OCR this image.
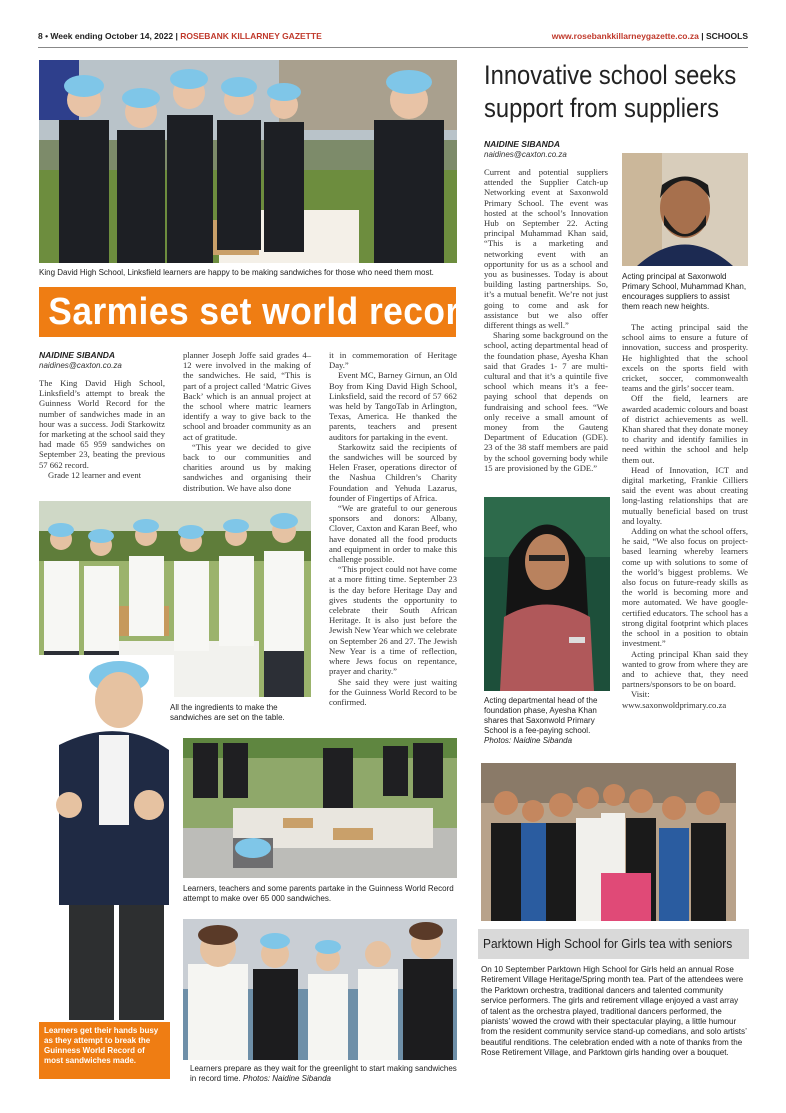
8 • Week ending October 14, 2022 | ROSEBANK KILLARNEY GAZETTE	www.rosebankkillarneygazette.co.za | SCHOOLS
King David High School, Linksfield learners are happy to be making sandwiches for those who need them most.
Sarmies set world record
NAIDINE SIBANDA
naidines@caxton.co.za

The King David High School, Linksfield’s attempt to break the Guinness World Record for the number of sandwiches made in an hour was a success. Jodi Starkowitz for marketing at the school said they had made 65 959 sandwiches on September 23, beating the previous 57 662 record.

Grade 12 learner and event

planner Joseph Joffe said grades 4–12 were involved in the making of the sandwiches. He said, “This is part of a project called ‘Matric Gives Back’ which is an annual project at the school where matric learners identify a way to give back to the school and broader community as an act of gratitude.

“This year we decided to give back to our communities and charities around us by making sandwiches and organising their distribution. We have also done

it in commemoration of Heritage Day.”

Event MC, Barney Girnun, an Old Boy from King David High School, Linksfield, said the record of 57 662 was held by TangoTab in Arlington, Texas, America. He thanked the parents, teachers and present auditors for partaking in the event.

Starkowitz said the recipients of the sandwiches will be sourced by Helen Fraser, operations director of the Nashua Children’s Charity Foundation and Yehuda Lazarus, founder of Fingertips of Africa.

“We are grateful to our generous sponsors and donors: Albany, Clover, Caxton and Karan Beef, who have donated all the food products and equipment in order to make this challenge possible.

“This project could not have come at a more fitting time. September 23 is the day before Heritage Day and gives students the opportunity to celebrate their South African Heritage. It is also just before the Jewish New Year which we celebrate on September 26 and 27. The Jewish New Year is a time of reflection, where Jews focus on repentance, prayer and charity.”

She said they were just waiting for the Guinness World Record to be confirmed.

All the ingredients to make the sandwiches are set on the table.
Learners, teachers and some parents partake in the Guinness World Record attempt to make over 65 000 sandwiches.
Learners prepare as they wait for the greenlight to start making sandwiches in record time. Photos: Naidine Sibanda
Learners get their hands busy as they attempt to break the Guinness World Record of most sandwiches made.
Innovative school seeks
support from suppliers
NAIDINE SIBANDA
naidines@caxton.co.za

Current and potential suppliers attended the Supplier Catch-up Networking event at Saxonwold Primary School. The event was hosted at the school’s Innovation Hub on September 22. Acting principal Muhammad Khan said, “This is a marketing and networking event with an opportunity for us as a school and you as businesses. Today is about building lasting partnerships. So, it’s a mutual benefit. We’re not just going to come and ask for assistance but we also offer different things as well.”

Sharing some background on the school, acting departmental head of the foundation phase, Ayesha Khan said that Grades 1- 7 are multi-cultural and that it’s a quintile five school which means it’s a fee-paying school that depends on fundraising and school fees. “We only receive a small amount of money from the Gauteng Department of Education (GDE). 23 of the 38 staff members are paid by the school governing body while 15 are provisioned by the GDE.”

Acting principal at Saxonwold Primary School, Muhammad Khan, encourages suppliers to assist them reach new heights.

The acting principal said the school aims to ensure a future of innovation, success and prosperity. He highlighted that the school excels on the sports field with cricket, soccer, commonwealth teams and the girls’ soccer team.

Off the field, learners are awarded academic colours and boast of district achievements as well. Khan shared that they donate money to charity and identify families in need within the school and help them out.

Head of Innovation, ICT and digital marketing, Frankie Cilliers said the event was about creating long-lasting relationships that are mutually beneficial based on trust and loyalty.

Adding on what the school offers, he said, “We also focus on project-based learning whereby learners come up with solutions to some of the world’s biggest problems. We also focus on future-ready skills as the world is becoming more and more automated. We have google-certified educators. The school has a strong digital footprint which places the school in a position to obtain investment.”

Acting principal Khan said they wanted to grow from where they are and to achieve that, they need partners/sponsors to be on board.

Visit: www.saxonwoldprimary.co.za

Acting departmental head of the foundation phase, Ayesha Khan shares that Saxonwold Primary School is a fee-paying school. Photos: Naidine Sibanda
Parktown High School for Girls tea with seniors

On 10 September Parktown High School for Girls held an annual Rose Retirement Village Heritage/Spring month tea. Part of the attendees were the Parktown orchestra, traditional dancers and talented community service performers. The girls and retirement village enjoyed a vast array of talent as the orchestra played, traditional dancers performed, the pianists’ wowed the crowd with their spectacular playing, a little humour from the resident community service stand-up comedians, and solo artists’ beautiful renditions. The celebration ended with a note of thanks from the Rose Retirement Village, and Parktown girls handing over a bouquet.
